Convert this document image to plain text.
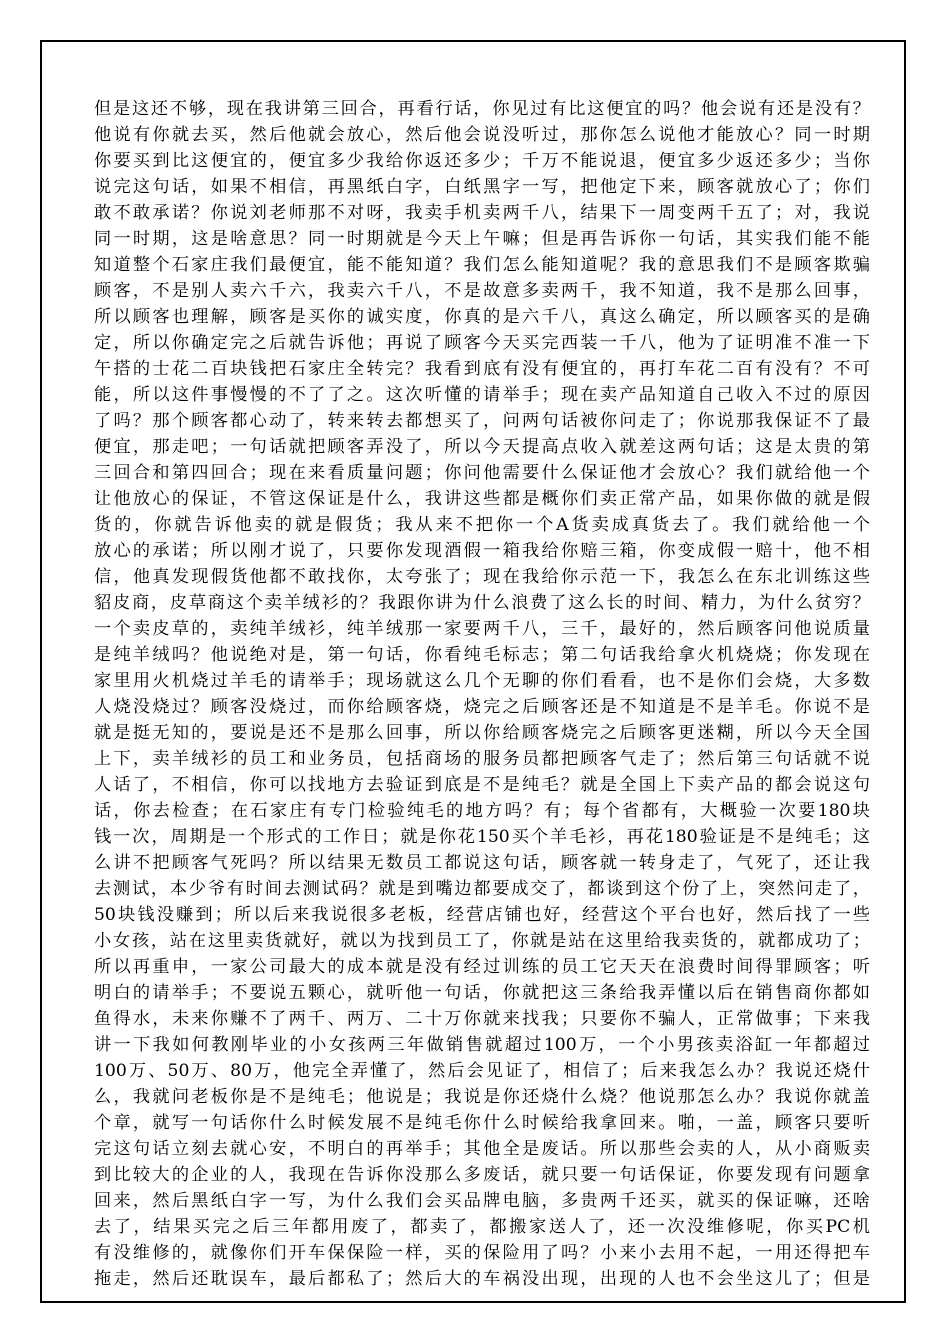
但是这还不够，现在我讲第三回合，再看行话，你见过有比这便宜的吗？他会说有还是没有？
他说有你就去买，然后他就会放心，然后他会说没听过，那你怎么说他才能放心？同一时期
你要买到比这便宜的，便宜多少我给你返还多少；千万不能说退，便宜多少返还多少；当你
说完这句话，如果不相信，再黑纸白字，白纸黑字一写，把他定下来，顾客就放心了；你们
敢不敢承诺？你说刘老师那不对呀，我卖手机卖两千八，结果下一周变两千五了；对，我说
同一时期，这是啥意思？同一时期就是今天上午嘛；但是再告诉你一句话，其实我们能不能
知道整个石家庄我们最便宜，能不能知道？我们怎么能知道呢？我的意思我们不是顾客欺骗
顾客，不是别人卖六千六，我卖六千八，不是故意多卖两千，我不知道，我不是那么回事，
所以顾客也理解，顾客是买你的诚实度，你真的是六千八，真这么确定，所以顾客买的是确
定，所以你确定完之后就告诉他；再说了顾客今天买完西装一千八，他为了证明准不准一下
午搭的士花二百块钱把石家庄全转完？我看到底有没有便宜的，再打车花二百有没有？不可
能，所以这件事慢慢的不了了之。这次听懂的请举手；现在卖产品知道自己收入不过的原因
了吗？那个顾客都心动了，转来转去都想买了，问两句话被你问走了；你说那我保证不了最
便宜，那走吧；一句话就把顾客弄没了，所以今天提高点收入就差这两句话；这是太贵的第
三回合和第四回合；现在来看质量问题；你问他需要什么保证他才会放心？我们就给他一个
让他放心的保证，不管这保证是什么，我讲这些都是概你们卖正常产品，如果你做的就是假
货的，你就告诉他卖的就是假货；我从来不把你一个A货卖成真货去了。我们就给他一个
放心的承诺；所以刚才说了，只要你发现酒假一箱我给你赔三箱，你变成假一赔十，他不相
信，他真发现假货他都不敢找你，太夸张了；现在我给你示范一下，我怎么在东北训练这些
貂皮商，皮草商这个卖羊绒衫的？我跟你讲为什么浪费了这么长的时间、精力，为什么贫穷？
一个卖皮草的，卖纯羊绒衫，纯羊绒那一家要两千八，三千，最好的，然后顾客问他说质量
是纯羊绒吗？他说绝对是，第一句话，你看纯毛标志；第二句话我给拿火机烧烧；你发现在
家里用火机烧过羊毛的请举手；现场就这么几个无聊的你们看看，也不是你们会烧，大多数
人烧没烧过？顾客没烧过，而你给顾客烧，烧完之后顾客还是不知道是不是羊毛。你说不是
就是挺无知的，要说是还不是那么回事，所以你给顾客烧完之后顾客更迷糊，所以今天全国
上下，卖羊绒衫的员工和业务员，包括商场的服务员都把顾客气走了；然后第三句话就不说
人话了，不相信，你可以找地方去验证到底是不是纯毛？就是全国上下卖产品的都会说这句
话，你去检查；在石家庄有专门检验纯毛的地方吗？有；每个省都有，大概验一次要180块
钱一次，周期是一个形式的工作日；就是你花150买个羊毛衫，再花180验证是不是纯毛；这
么讲不把顾客气死吗？所以结果无数员工都说这句话，顾客就一转身走了，气死了，还让我
去测试，本少爷有时间去测试码？就是到嘴边都要成交了，都谈到这个份了上，突然问走了，
50块钱没赚到；所以后来我说很多老板，经营店铺也好，经营这个平台也好，然后找了一些
小女孩，站在这里卖货就好，就以为找到员工了，你就是站在这里给我卖货的，就都成功了；
所以再重申，一家公司最大的成本就是没有经过训练的员工它天天在浪费时间得罪顾客；听
明白的请举手；不要说五颗心，就听他一句话，你就把这三条给我弄懂以后在销售商你都如
鱼得水，未来你赚不了两千、两万、二十万你就来找我；只要你不骗人，正常做事；下来我
讲一下我如何教刚毕业的小女孩两三年做销售就超过100万，一个小男孩卖浴缸一年都超过
100万、50万、80万，他完全弄懂了，然后会见证了，相信了；后来我怎么办？我说还烧什
么，我就问老板你是不是纯毛；他说是；我说是你还烧什么烧？他说那怎么办？我说你就盖
个章，就写一句话你什么时候发展不是纯毛你什么时候给我拿回来。啪，一盖，顾客只要听
完这句话立刻去就心安，不明白的再举手；其他全是废话。所以那些会卖的人，从小商贩卖
到比较大的企业的人，我现在告诉你没那么多废话，就只要一句话保证，你要发现有问题拿
回来，然后黑纸白字一写，为什么我们会买品牌电脑，多贵两千还买，就买的保证嘛，还啥
去了，结果买完之后三年都用废了，都卖了，都搬家送人了，还一次没维修呢，你买PC机
有没维修的，就像你们开车保保险一样，买的保险用了吗？小来小去用不起，一用还得把车
拖走，然后还耽误车，最后都私了；然后大的车祸没出现，出现的人也不会坐这儿了；但是
